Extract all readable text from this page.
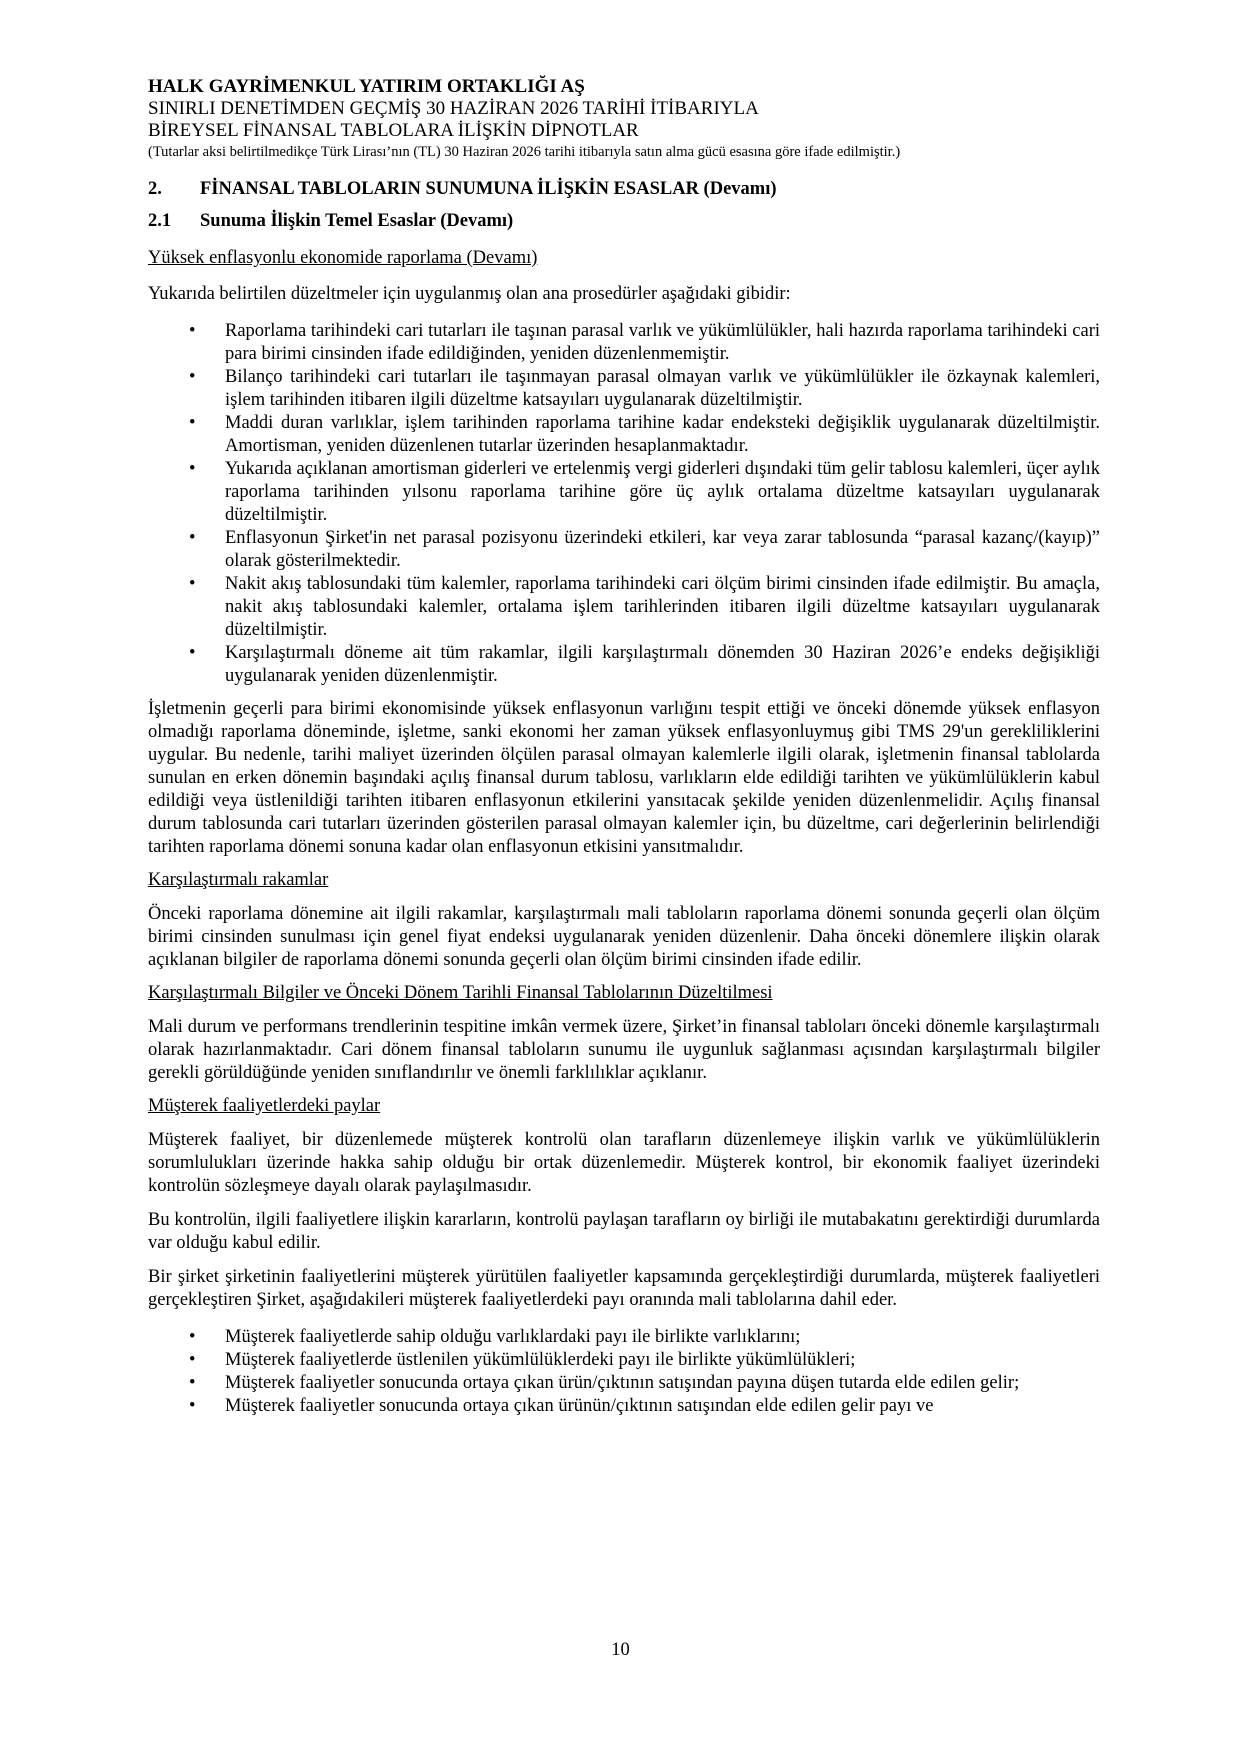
HALK GAYRİMENKUL YATIRIM ORTAKLIĞI AŞ
SINIRLI DENETİMDEN GEÇMİŞ 30 HAZİRAN 2026 TARİHİ İTİBARIYLA
BİREYSEL FİNANSAL TABLOLARA İLİŞKİN DİPNOTLAR
(Tutarlar aksi belirtilmedikçe Türk Lirası’nın (TL) 30 Haziran 2026 tarihi itibarıyla satın alma gücü esasına göre ifade edilmiştir.)
2.	FİNANSAL TABLOLARIN SUNUMUNA İLİŞKİN ESASLAR (Devamı)
2.1	Sunuma İlişkin Temel Esaslar (Devamı)
Yüksek enflasyonlu ekonomide raporlama (Devamı)

Yukarıda belirtilen düzeltmeler için uygulanmış olan ana prosedürler aşağıdaki gibidir:

• Raporlama tarihindeki cari tutarları ile taşınan parasal varlık ve yükümlülükler, hali hazırda raporlama tarihindeki cari para birimi cinsinden ifade edildiğinden, yeniden düzenlenmemiştir.
• Bilanço tarihindeki cari tutarları ile taşınmayan parasal olmayan varlık ve yükümlülükler ile özkaynak kalemleri, işlem tarihinden itibaren ilgili düzeltme katsayıları uygulanarak düzeltilmiştir.
• Maddi duran varlıklar, işlem tarihinden raporlama tarihine kadar endeksteki değişiklik uygulanarak düzeltilmiştir. Amortisman, yeniden düzenlenen tutarlar üzerinden hesaplanmaktadır.
• Yukarıda açıklanan amortisman giderleri ve ertelenmiş vergi giderleri dışındaki tüm gelir tablosu kalemleri, üçer aylık raporlama tarihinden yılsonu raporlama tarihine göre üç aylık ortalama düzeltme katsayıları uygulanarak düzeltilmiştir.
• Enflasyonun Şirket'in net parasal pozisyonu üzerindeki etkileri, kar veya zarar tablosunda “parasal kazanç/(kayıp)” olarak gösterilmektedir.
• Nakit akış tablosundaki tüm kalemler, raporlama tarihindeki cari ölçüm birimi cinsinden ifade edilmiştir. Bu amaçla, nakit akış tablosundaki kalemler, ortalama işlem tarihlerinden itibaren ilgili düzeltme katsayıları uygulanarak düzeltilmiştir.
• Karşılaştırmalı döneme ait tüm rakamlar, ilgili karşılaştırmalı dönemden 30 Haziran 2026’e endeks değişikliği uygulanarak yeniden düzenlenmiştir.

İşletmenin geçerli para birimi ekonomisinde yüksek enflasyonun varlığını tespit ettiği ve önceki dönemde yüksek enflasyon olmadığı raporlama döneminde, işletme, sanki ekonomi her zaman yüksek enflasyonluymuş gibi TMS 29'un gerekliliklerini uygular. Bu nedenle, tarihi maliyet üzerinden ölçülen parasal olmayan kalemlerle ilgili olarak, işletmenin finansal tablolarda sunulan en erken dönemin başındaki açılış finansal durum tablosu, varlıkların elde edildiği tarihten ve yükümlülüklerin kabul edildiği veya üstlenildiği tarihten itibaren enflasyonun etkilerini yansıtacak şekilde yeniden düzenlenmelidir. Açılış finansal durum tablosunda cari tutarları üzerinden gösterilen parasal olmayan kalemler için, bu düzeltme, cari değerlerinin belirlendiği tarihten raporlama dönemi sonuna kadar olan enflasyonun etkisini yansıtmalıdır.

Karşılaştırmalı rakamlar

Önceki raporlama dönemine ait ilgili rakamlar, karşılaştırmalı mali tabloların raporlama dönemi sonunda geçerli olan ölçüm birimi cinsinden sunulması için genel fiyat endeksi uygulanarak yeniden düzenlenir. Daha önceki dönemlere ilişkin olarak açıklanan bilgiler de raporlama dönemi sonunda geçerli olan ölçüm birimi cinsinden ifade edilir.

Karşılaştırmalı Bilgiler ve Önceki Dönem Tarihli Finansal Tablolarının Düzeltilmesi

Mali durum ve performans trendlerinin tespitine imkân vermek üzere, Şirket’in finansal tabloları önceki dönemle karşılaştırmalı olarak hazırlanmaktadır. Cari dönem finansal tabloların sunumu ile uygunluk sağlanması açısından karşılaştırmalı bilgiler gerekli görüldüğünde yeniden sınıflandırılır ve önemli farklılıklar açıklanır.

Müşterek faaliyetlerdeki paylar

Müşterek faaliyet, bir düzenlemede müşterek kontrolü olan tarafların düzenlemeye ilişkin varlık ve yükümlülüklerin sorumlulukları üzerinde hakka sahip olduğu bir ortak düzenlemedir. Müşterek kontrol, bir ekonomik faaliyet üzerindeki kontrolün sözleşmeye dayalı olarak paylaşılmasıdır.

Bu kontrolün, ilgili faaliyetlere ilişkin kararların, kontrolü paylaşan tarafların oy birliği ile mutabakatını gerektirdiği durumlarda var olduğu kabul edilir.

Bir şirket şirketinin faaliyetlerini müşterek yürütülen faaliyetler kapsamında gerçekleştirdiği durumlarda, müşterek faaliyetleri gerçekleştiren Şirket, aşağıdakileri müşterek faaliyetlerdeki payı oranında mali tablolarına dahil eder.

• Müşterek faaliyetlerde sahip olduğu varlıklardaki payı ile birlikte varlıklarını;
• Müşterek faaliyetlerde üstlenilen yükümlülüklerdeki payı ile birlikte yükümlülükleri;
• Müşterek faaliyetler sonucunda ortaya çıkan ürün/çıktının satışından payına düşen tutarda elde edilen gelir;
• Müşterek faaliyetler sonucunda ortaya çıkan ürünün/çıktının satışından elde edilen gelir payı ve
10
